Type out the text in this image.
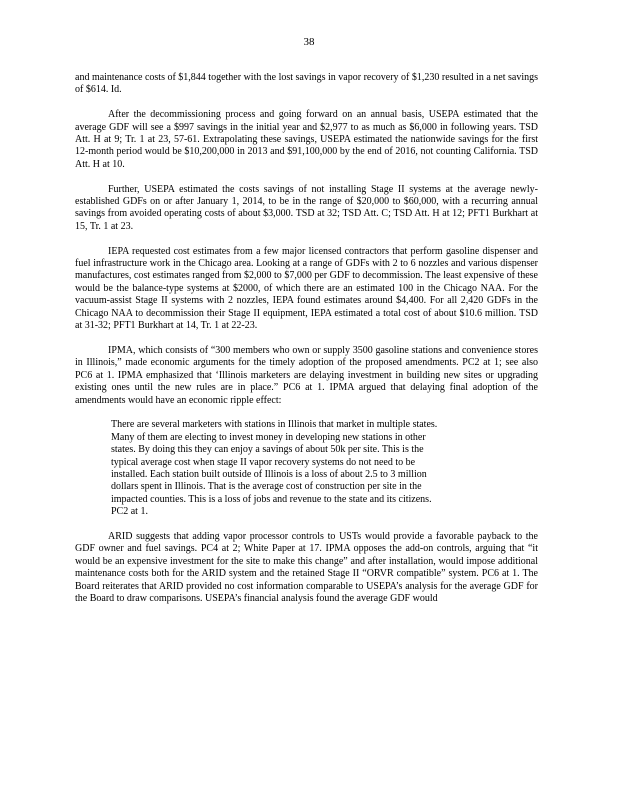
38

and maintenance costs of $1,844 together with the lost savings in vapor recovery of $1,230 resulted in a net savings of $614. Id.

After the decommissioning process and going forward on an annual basis, USEPA estimated that the average GDF will see a $997 savings in the initial year and $2,977 to as much as $6,000 in following years. TSD Att. H at 9; Tr. 1 at 23, 57-61. Extrapolating these savings, USEPA estimated the nationwide savings for the first 12-month period would be $10,200,000 in 2013 and $91,100,000 by the end of 2016, not counting California. TSD Att. H at 10.

Further, USEPA estimated the costs savings of not installing Stage II systems at the average newly-established GDFs on or after January 1, 2014, to be in the range of $20,000 to $60,000, with a recurring annual savings from avoided operating costs of about $3,000. TSD at 32; TSD Att. C; TSD Att. H at 12; PFT1 Burkhart at 15, Tr. 1 at 23.

IEPA requested cost estimates from a few major licensed contractors that perform gasoline dispenser and fuel infrastructure work in the Chicago area. Looking at a range of GDFs with 2 to 6 nozzles and various dispenser manufactures, cost estimates ranged from $2,000 to $7,000 per GDF to decommission. The least expensive of these would be the balance-type systems at $2000, of which there are an estimated 100 in the Chicago NAA. For the vacuum-assist Stage II systems with 2 nozzles, IEPA found estimates around $4,400. For all 2,420 GDFs in the Chicago NAA to decommission their Stage II equipment, IEPA estimated a total cost of about $10.6 million. TSD at 31-32; PFT1 Burkhart at 14, Tr. 1 at 22-23.

IPMA, which consists of “300 members who own or supply 3500 gasoline stations and convenience stores in Illinois,” made economic arguments for the timely adoption of the proposed amendments. PC2 at 1; see also PC6 at 1. IPMA emphasized that ‘Illinois marketers are delaying investment in building new sites or upgrading existing ones until the new rules are in place.” PC6 at 1. IPMA argued that delaying final adoption of the amendments would have an economic ripple effect:

There are several marketers with stations in Illinois that market in multiple states.
Many of them are electing to invest money in developing new stations in other
states. By doing this they can enjoy a savings of about 50k per site. This is the
typical average cost when stage II vapor recovery systems do not need to be
installed. Each station built outside of Illinois is a loss of about 2.5 to 3 million
dollars spent in Illinois. That is the average cost of construction per site in the
impacted counties. This is a loss of jobs and revenue to the state and its citizens.
PC2 at 1.

ARID suggests that adding vapor processor controls to USTs would provide a favorable payback to the GDF owner and fuel savings. PC4 at 2; White Paper at 17. IPMA opposes the add-on controls, arguing that “it would be an expensive investment for the site to make this change” and after installation, would impose additional maintenance costs both for the ARID system and the retained Stage II “ORVR compatible” system. PC6 at 1. The Board reiterates that ARID provided no cost information comparable to USEPA’s analysis for the average GDF for the Board to draw comparisons. USEPA’s financial analysis found the average GDF would
